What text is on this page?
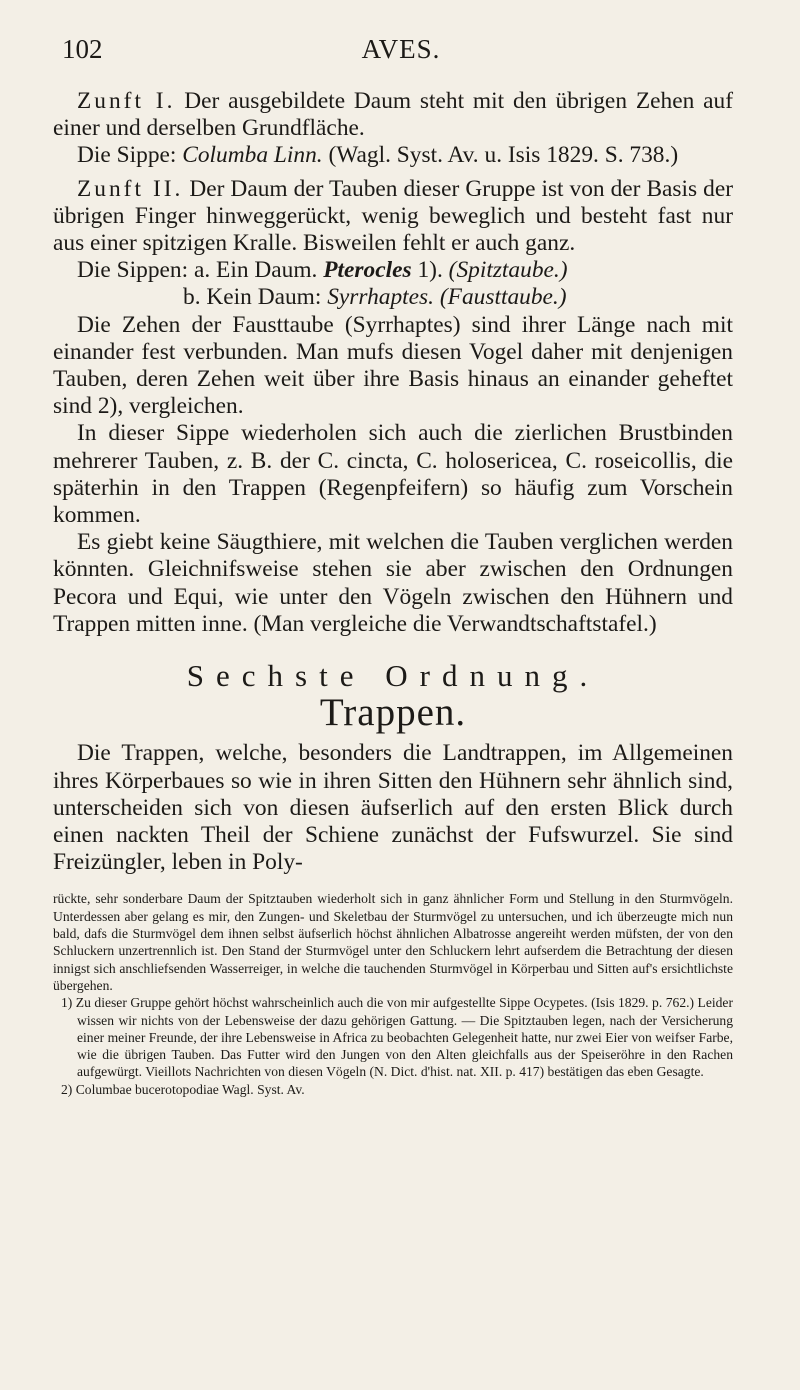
102	AVES.

Zunft I. Der ausgebildete Daum steht mit den übrigen Zehen auf einer und derselben Grundfläche.

Die Sippe: Columba Linn. (Wagl. Syst. Av. u. Isis 1829. S. 738.)

Zunft II. Der Daum der Tauben dieser Gruppe ist von der Basis der übrigen Finger hinweggerückt, wenig beweglich und besteht fast nur aus einer spitzigen Kralle. Bisweilen fehlt er auch ganz.

Die Sippen: a. Ein Daum. Pterocles 1). (Spitztaube.)

b. Kein Daum: Syrrhaptes. (Fausttaube.)

Die Zehen der Fausttaube (Syrrhaptes) sind ihrer Länge nach mit einander fest verbunden. Man mufs diesen Vogel daher mit denjenigen Tauben, deren Zehen weit über ihre Basis hinaus an einander geheftet sind 2), vergleichen.

In dieser Sippe wiederholen sich auch die zierlichen Brustbinden mehrerer Tauben, z. B. der C. cincta, C. holosericea, C. roseicollis, die späterhin in den Trappen (Regenpfeifern) so häufig zum Vorschein kommen.

Es giebt keine Säugthiere, mit welchen die Tauben verglichen werden könnten. Gleichnifsweise stehen sie aber zwischen den Ordnungen Pecora und Equi, wie unter den Vögeln zwischen den Hühnern und Trappen mitten inne. (Man vergleiche die Verwandtschaftstafel.)

Sechste Ordnung.
Trappen.

Die Trappen, welche, besonders die Landtrappen, im Allgemeinen ihres Körperbaues so wie in ihren Sitten den Hühnern sehr ähnlich sind, unterscheiden sich von diesen äufserlich auf den ersten Blick durch einen nackten Theil der Schiene zunächst der Fufswurzel. Sie sind Freizüngler, leben in Poly-

rückte, sehr sonderbare Daum der Spitztauben wiederholt sich in ganz ähnlicher Form und Stellung in den Sturmvögeln. Unterdessen aber gelang es mir, den Zungen- und Skeletbau der Sturmvögel zu untersuchen, und ich überzeugte mich nun bald, dafs die Sturmvögel dem ihnen selbst äufserlich höchst ähnlichen Albatrosse angereiht werden müfsten, der von den Schluckern unzertrennlich ist. Den Stand der Sturmvögel unter den Schluckern lehrt aufserdem die Betrachtung der diesen innigst sich anschliefsenden Wasserreiger, in welche die tauchenden Sturmvögel in Körperbau und Sitten auf's ersichtlichste übergehen.

1) Zu dieser Gruppe gehört höchst wahrscheinlich auch die von mir aufgestellte Sippe Ocypetes. (Isis 1829. p. 762.) Leider wissen wir nichts von der Lebensweise der dazu gehörigen Gattung. — Die Spitztauben legen, nach der Versicherung einer meiner Freunde, der ihre Lebensweise in Africa zu beobachten Gelegenheit hatte, nur zwei Eier von weifser Farbe, wie die übrigen Tauben. Das Futter wird den Jungen von den Alten gleichfalls aus der Speiseröhre in den Rachen aufgewürgt. Vieillots Nachrichten von diesen Vögeln (N. Dict. d'hist. nat. XII. p. 417) bestätigen das eben Gesagte.

2) Columbae bucerotopodiae Wagl. Syst. Av.
